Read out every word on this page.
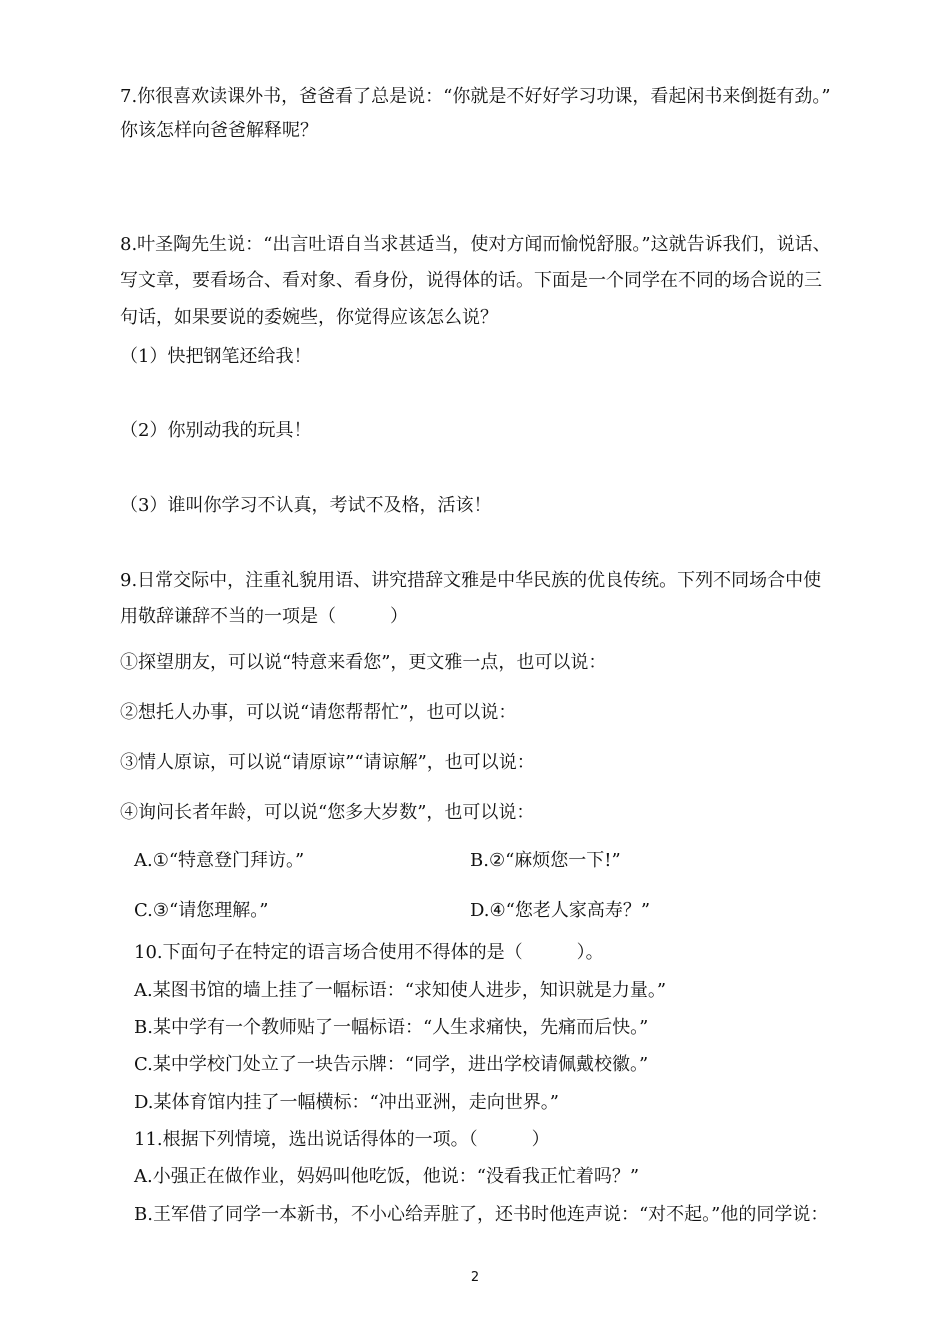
7.你很喜欢读课外书，爸爸看了总是说：“你就是不好好学习功课，看起闲书来倒挺有劲。”
你该怎样向爸爸解释呢？
8.叶圣陶先生说：“出言吐语自当求甚适当，使对方闻而愉悦舒服。”这就告诉我们，说话、
写文章，要看场合、看对象、看身份，说得体的话。下面是一个同学在不同的场合说的三
句话，如果要说的委婉些，你觉得应该怎么说？
（1）快把钢笔还给我！
（2）你别动我的玩具！
（3）谁叫你学习不认真，考试不及格，活该！
9.日常交际中，注重礼貌用语、讲究措辞文雅是中华民族的优良传统。下列不同场合中使
用敬辞谦辞不当的一项是（　　　）
①探望朋友，可以说“特意来看您”，更文雅一点，也可以说：
②想托人办事，可以说“请您帮帮忙”，也可以说：
③情人原谅，可以说“请原谅”“请谅解”，也可以说：
④询问长者年龄，可以说“您多大岁数”，也可以说：
A.①“特意登门拜访。”	B.②“麻烦您一下!”
C.③“请您理解。”	D.④“您老人家高寿？”
10.下面句子在特定的语言场合使用不得体的是（　　　）。
A.某图书馆的墙上挂了一幅标语：“求知使人进步，知识就是力量。”
B.某中学有一个教师贴了一幅标语：“人生求痛快，先痛而后快。”
C.某中学校门处立了一块告示牌：“同学，进出学校请佩戴校徽。”
D.某体育馆内挂了一幅横标：“冲出亚洲，走向世界。”
11.根据下列情境，选出说话得体的一项。（　　　）
A.小强正在做作业，妈妈叫他吃饭，他说：“没看我正忙着吗？”
B.王军借了同学一本新书，不小心给弄脏了，还书时他连声说：“对不起。”他的同学说：
2
